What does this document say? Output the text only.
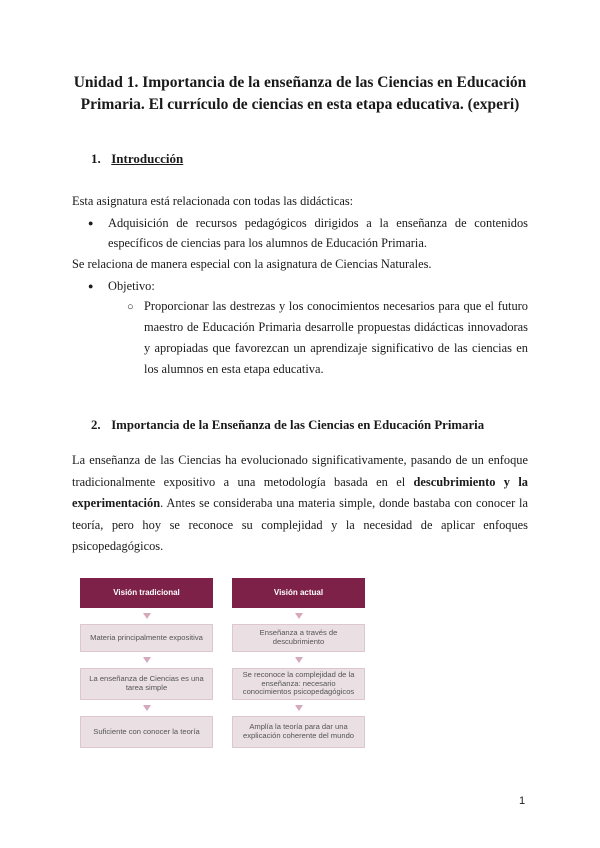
Unidad 1. Importancia de la enseñanza de las Ciencias en Educación
Primaria. El currículo de ciencias en esta etapa educativa. (experi)
1. Introducción
Esta asignatura está relacionada con todas las didácticas:
● Adquisición de recursos pedagógicos dirigidos a la enseñanza de contenidos específicos de ciencias para los alumnos de Educación Primaria.
Se relaciona de manera especial con la asignatura de Ciencias Naturales.
● Objetivo:
○ Proporcionar las destrezas y los conocimientos necesarios para que el futuro maestro de Educación Primaria desarrolle propuestas didácticas innovadoras y apropiadas que favorezcan un aprendizaje significativo de las ciencias en los alumnos en esta etapa educativa.
2. Importancia de la Enseñanza de las Ciencias en Educación Primaria
La enseñanza de las Ciencias ha evolucionado significativamente, pasando de un enfoque tradicionalmente expositivo a una metodología basada en el descubrimiento y la experimentación. Antes se consideraba una materia simple, donde bastaba con conocer la teoría, pero hoy se reconoce su complejidad y la necesidad de aplicar enfoques psicopedagógicos.
Visión tradicional
Materia principalmente expositiva
La enseñanza de Ciencias es una tarea simple
Suficiente con conocer la teoría
Visión actual
Enseñanza a través de descubrimiento
Se reconoce la complejidad de la enseñanza: necesario conocimientos psicopedagógicos
Amplía la teoría para dar una explicación coherente del mundo
1
